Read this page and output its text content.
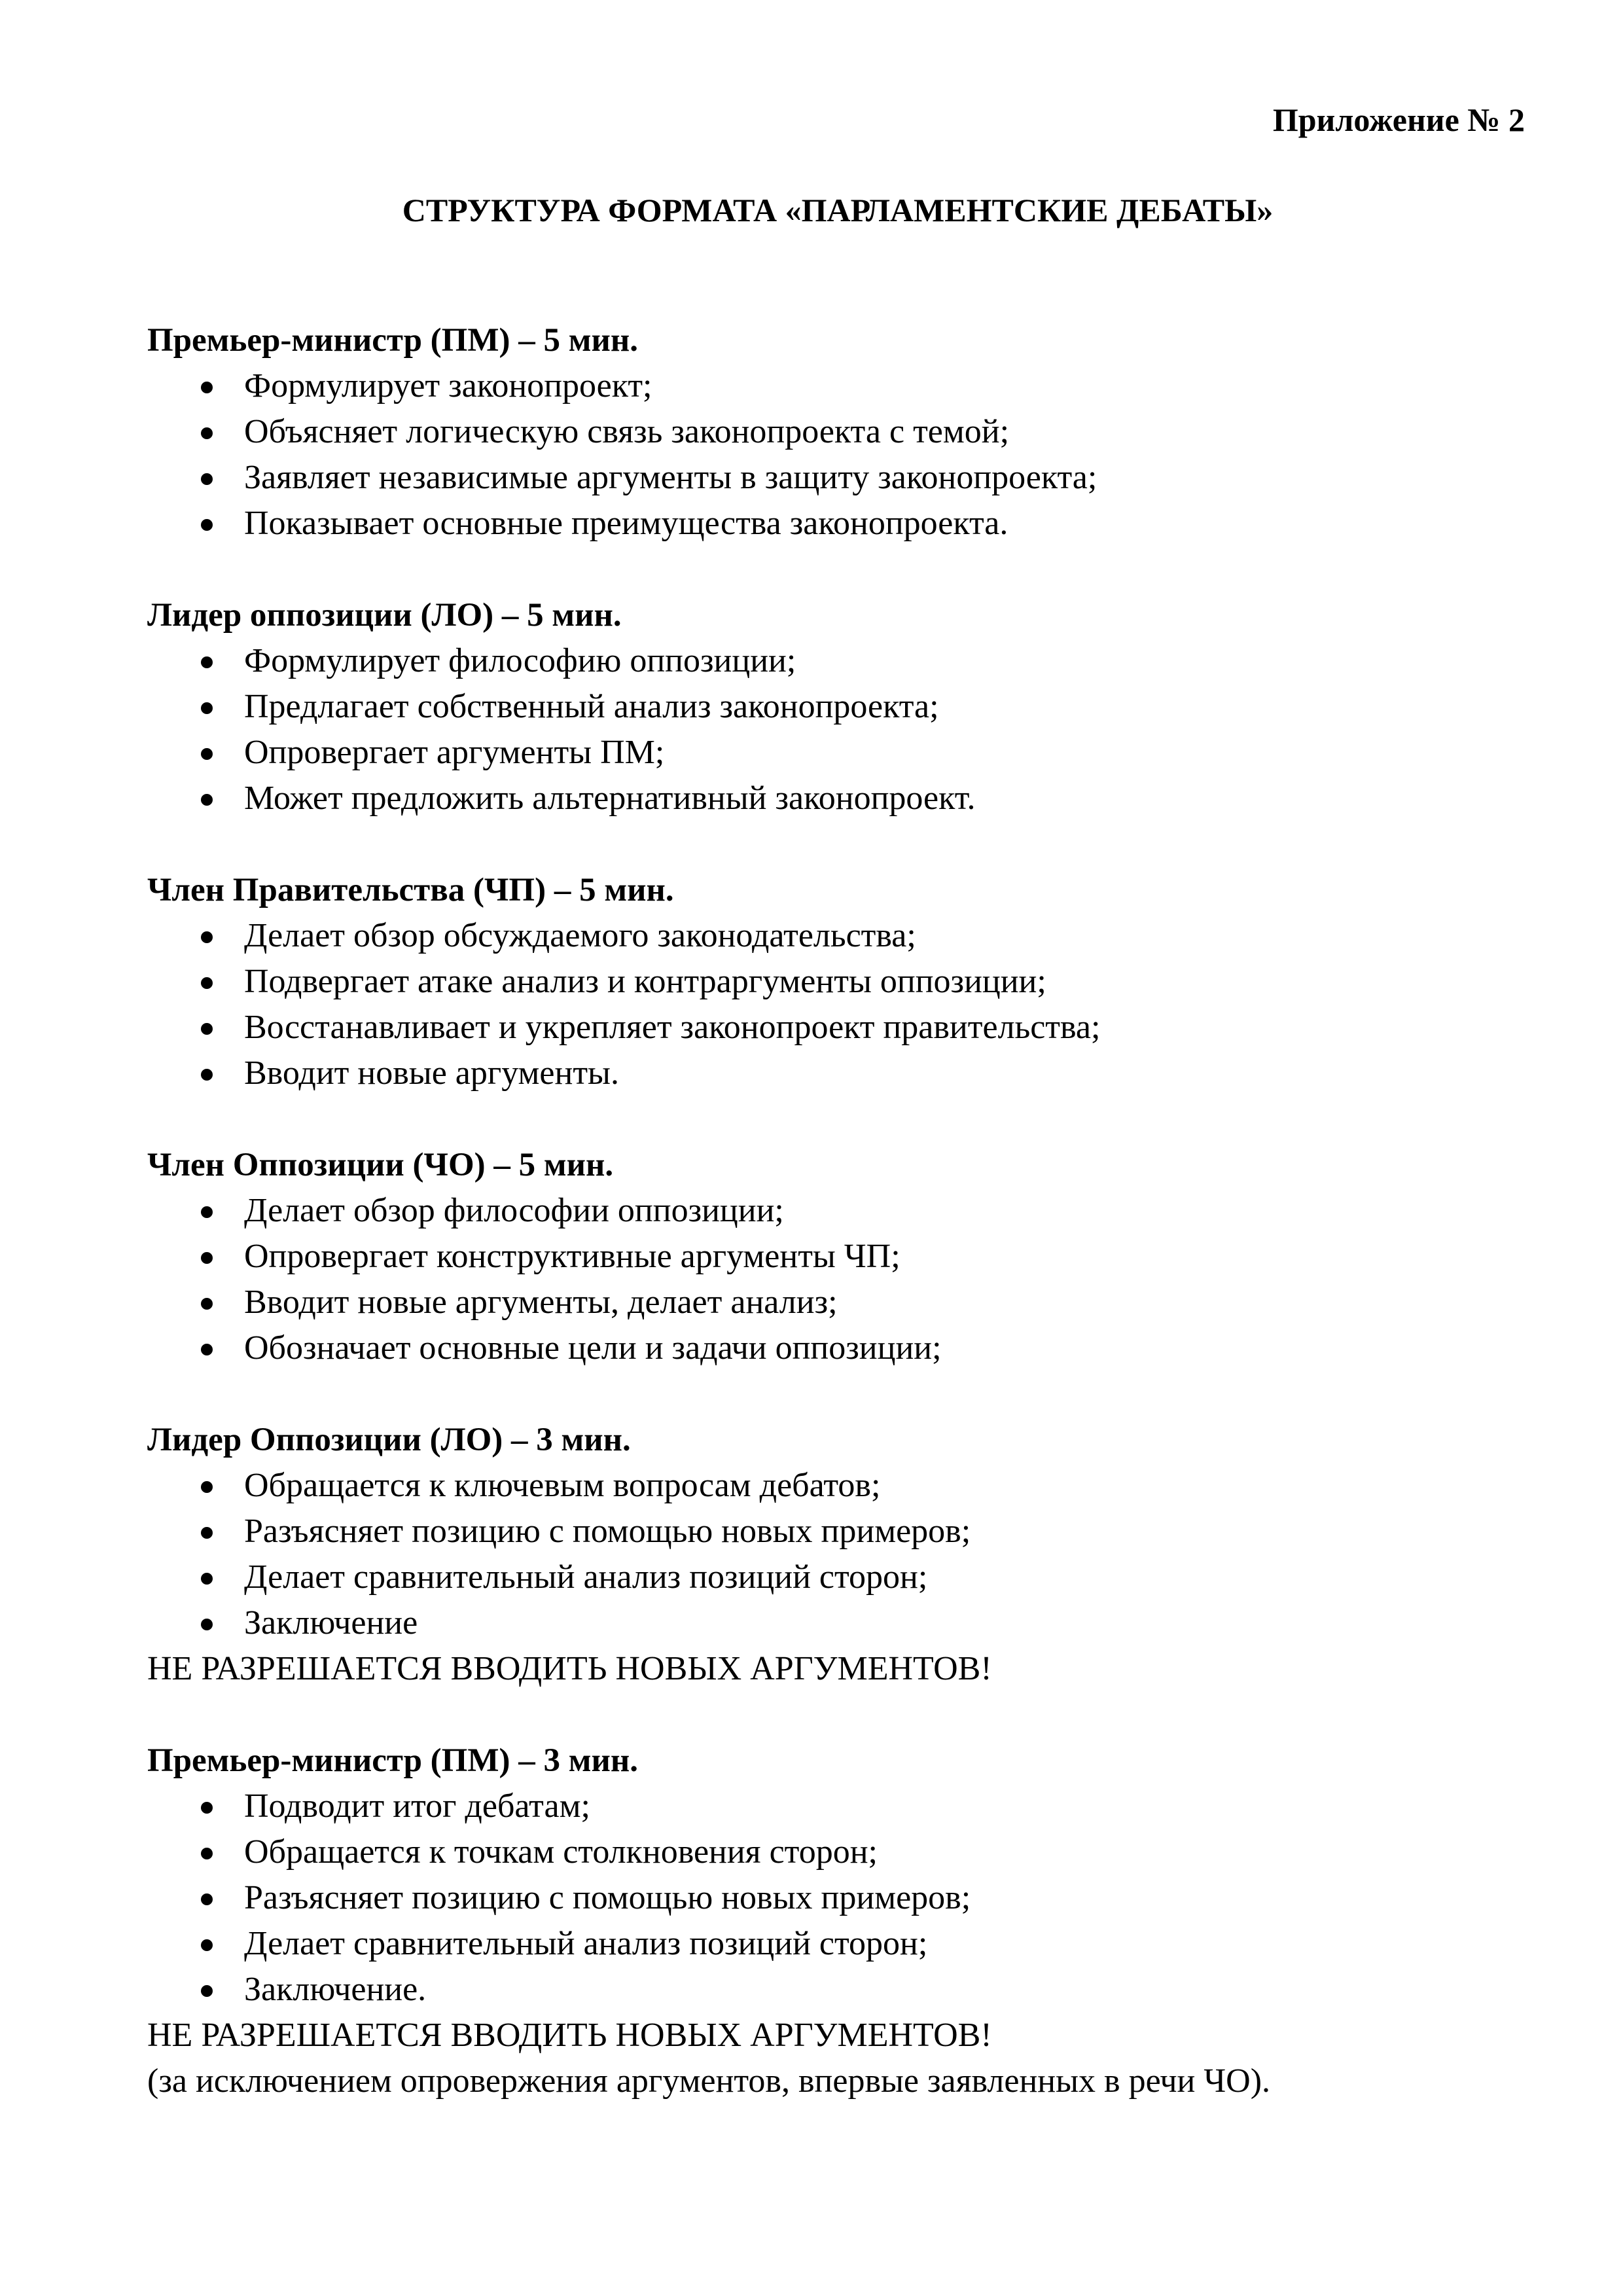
Приложение № 2
СТРУКТУРА ФОРМАТА «ПАРЛАМЕНТСКИЕ ДЕБАТЫ»
Премьер-министр (ПМ) – 5 мин.
Формулирует законопроект;
Объясняет логическую связь законопроекта с темой;
Заявляет независимые аргументы в защиту законопроекта;
Показывает основные преимущества законопроекта.
Лидер оппозиции (ЛО) – 5 мин.
Формулирует философию оппозиции;
Предлагает собственный анализ законопроекта;
Опровергает аргументы ПМ;
Может предложить альтернативный законопроект.
Член Правительства (ЧП) – 5 мин.
Делает обзор обсуждаемого законодательства;
Подвергает атаке анализ и контраргументы оппозиции;
Восстанавливает и укрепляет законопроект правительства;
Вводит новые аргументы.
Член Оппозиции (ЧО) – 5 мин.
Делает обзор философии оппозиции;
Опровергает конструктивные аргументы ЧП;
Вводит новые аргументы, делает анализ;
Обозначает основные цели и задачи оппозиции;
Лидер Оппозиции (ЛО) – 3 мин.
Обращается к ключевым вопросам дебатов;
Разъясняет позицию с помощью новых примеров;
Делает сравнительный анализ позиций сторон;
Заключение
НЕ РАЗРЕШАЕТСЯ ВВОДИТЬ НОВЫХ АРГУМЕНТОВ!
Премьер-министр (ПМ) – 3 мин.
Подводит итог дебатам;
Обращается к точкам столкновения сторон;
Разъясняет позицию с помощью новых примеров;
Делает сравнительный анализ позиций сторон;
Заключение.
НЕ РАЗРЕШАЕТСЯ ВВОДИТЬ НОВЫХ АРГУМЕНТОВ!
(за исключением опровержения аргументов, впервые заявленных в речи ЧО).
